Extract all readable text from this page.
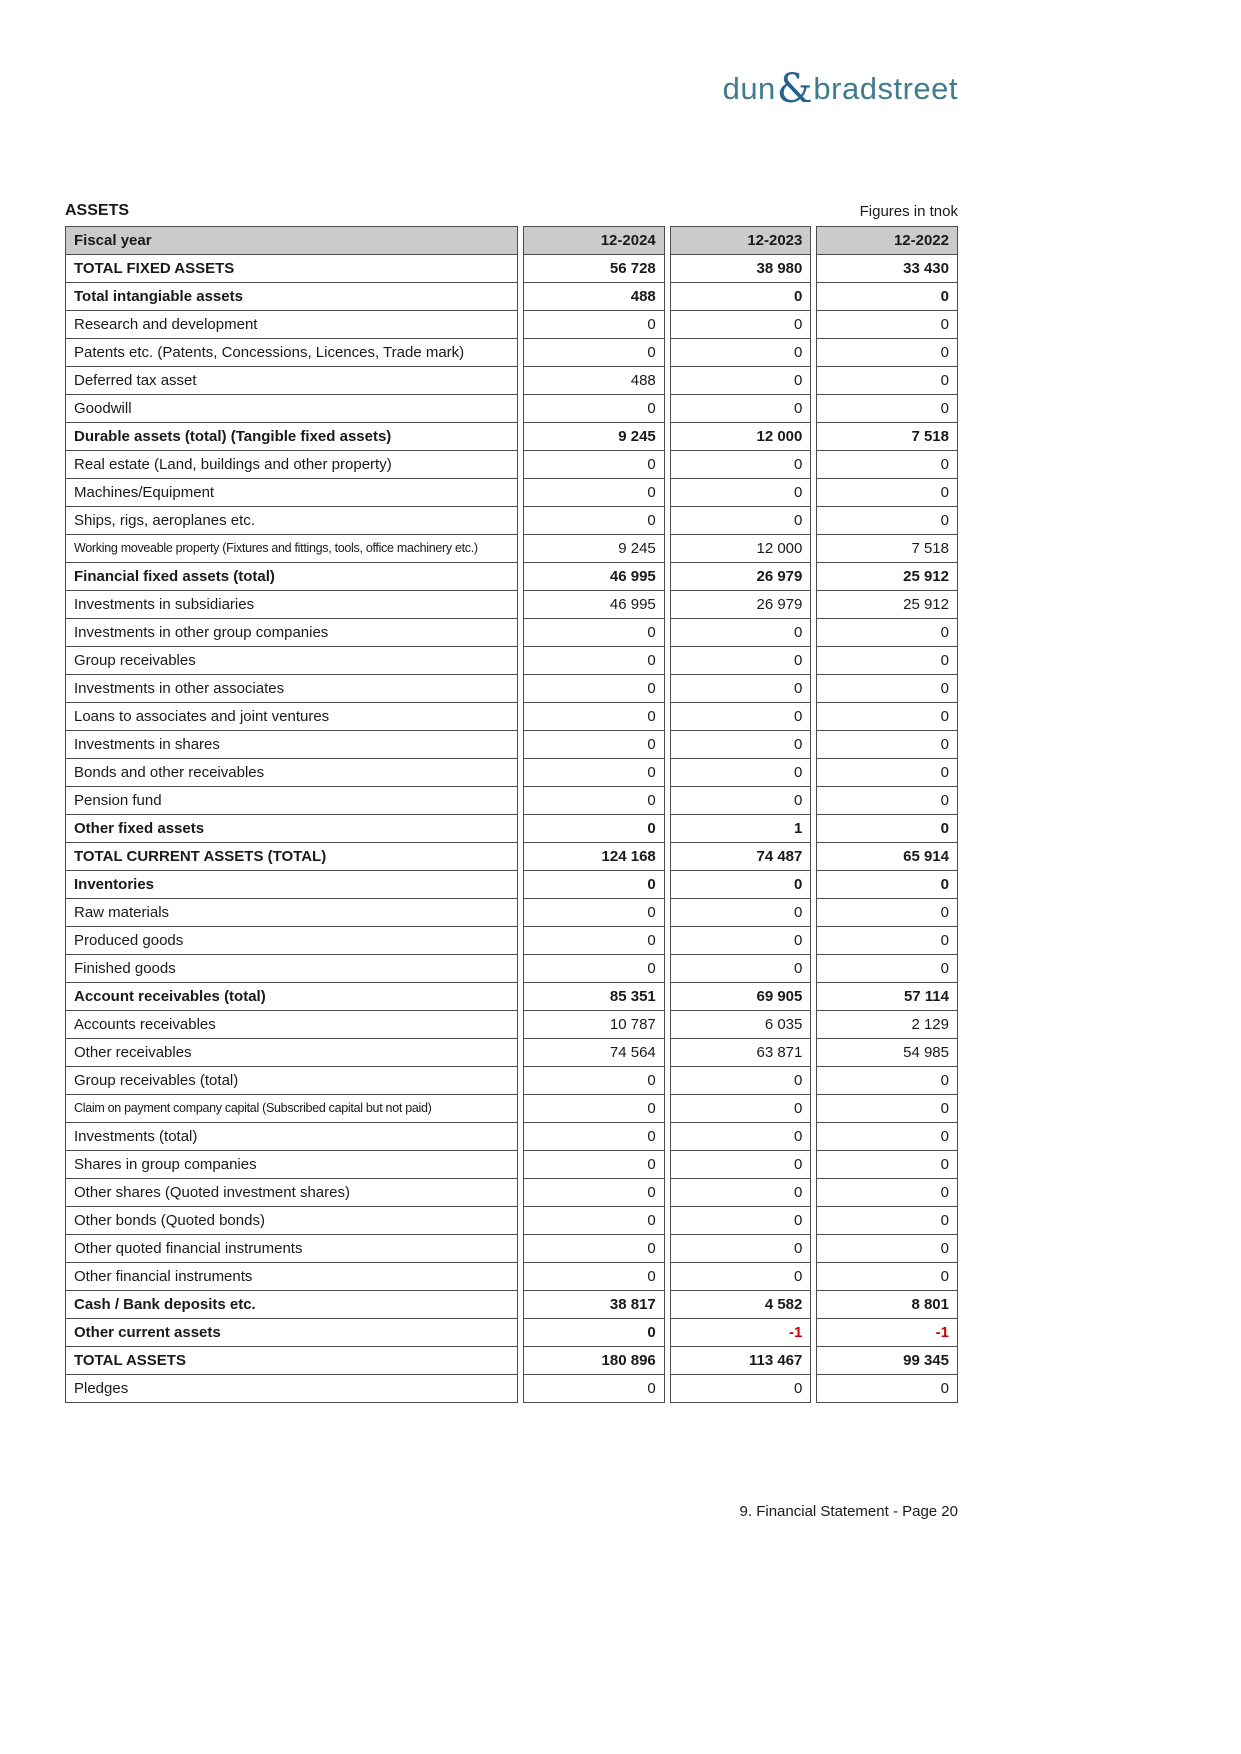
dun&bradstreet
ASSETS	Figures in tnok
Fiscal year	12-2024	12-2023	12-2022
TOTAL FIXED ASSETS	56 728	38 980	33 430
Total intangiable assets	488	0	0
Research and development	0	0	0
Patents etc. (Patents, Concessions, Licences, Trade mark)	0	0	0
Deferred tax asset	488	0	0
Goodwill	0	0	0
Durable assets (total) (Tangible fixed assets)	9 245	12 000	7 518
Real estate (Land, buildings and other property)	0	0	0
Machines/Equipment	0	0	0
Ships, rigs, aeroplanes etc.	0	0	0
Working moveable property (Fixtures and fittings, tools, office machinery etc.)	9 245	12 000	7 518
Financial fixed assets (total)	46 995	26 979	25 912
Investments in subsidiaries	46 995	26 979	25 912
Investments in other group companies	0	0	0
Group receivables	0	0	0
Investments in other associates	0	0	0
Loans to associates and joint ventures	0	0	0
Investments in shares	0	0	0
Bonds and other receivables	0	0	0
Pension fund	0	0	0
Other fixed assets	0	1	0
TOTAL CURRENT ASSETS (TOTAL)	124 168	74 487	65 914
Inventories	0	0	0
Raw materials	0	0	0
Produced goods	0	0	0
Finished goods	0	0	0
Account receivables (total)	85 351	69 905	57 114
Accounts receivables	10 787	6 035	2 129
Other receivables	74 564	63 871	54 985
Group receivables (total)	0	0	0
Claim on payment company capital (Subscribed capital but not paid)	0	0	0
Investments (total)	0	0	0
Shares in group companies	0	0	0
Other shares (Quoted investment shares)	0	0	0
Other bonds (Quoted bonds)	0	0	0
Other quoted financial instruments	0	0	0
Other financial instruments	0	0	0
Cash / Bank deposits etc.	38 817	4 582	8 801
Other current assets	0	-1	-1
TOTAL ASSETS	180 896	113 467	99 345
Pledges	0	0	0
9. Financial Statement - Page 20
